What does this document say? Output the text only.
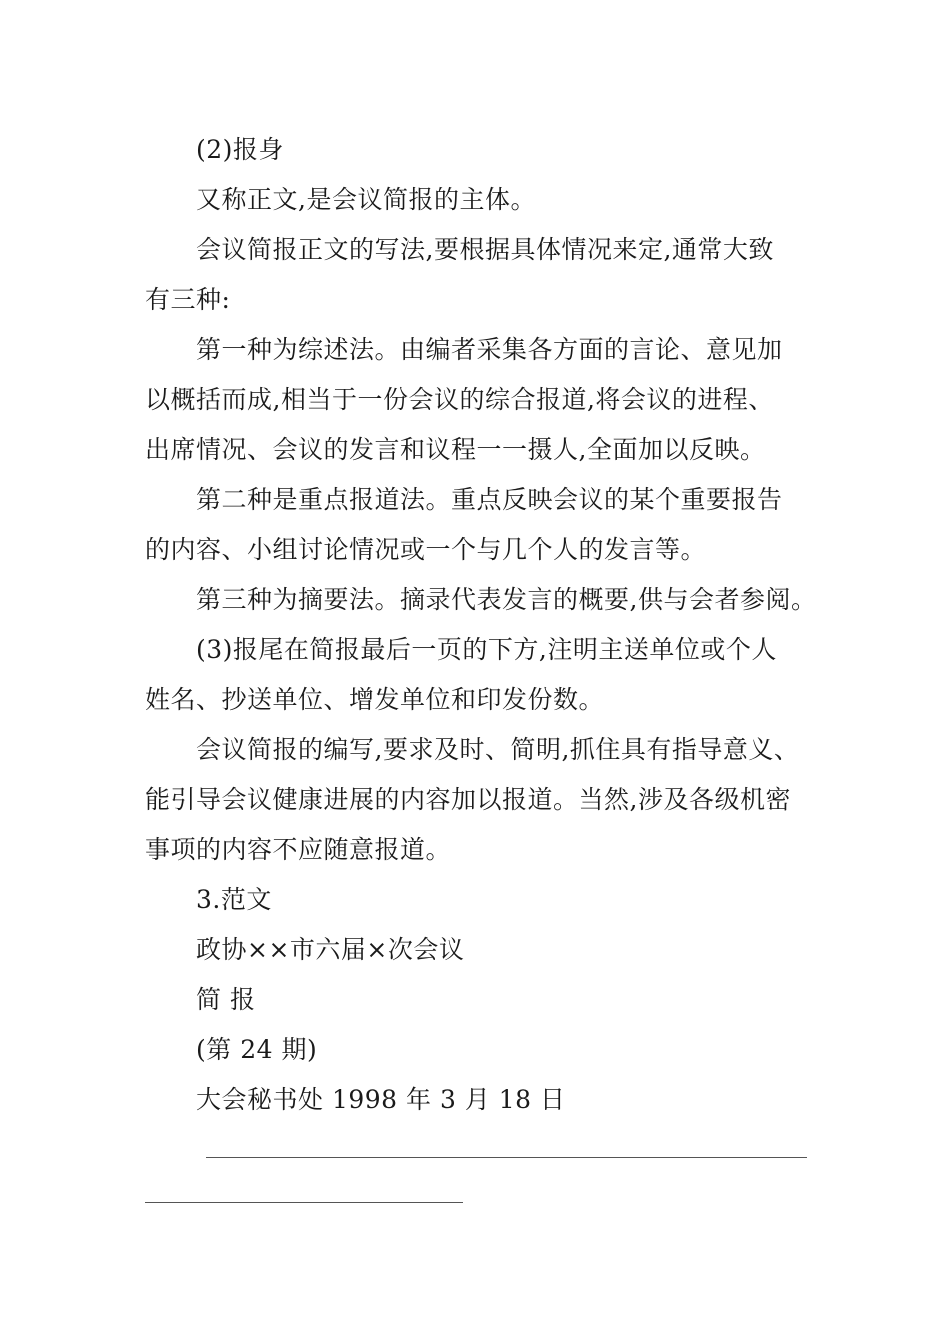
(2)报身
又称正文,是会议简报的主体。
会议简报正文的写法,要根据具体情况来定,通常大致
有三种:
第一种为综述法。由编者采集各方面的言论、意见加
以概括而成,相当于一份会议的综合报道,将会议的进程、
出席情况、会议的发言和议程一一摄人,全面加以反映。
第二种是重点报道法。重点反映会议的某个重要报告
的内容、小组讨论情况或一个与几个人的发言等。
第三种为摘要法。摘录代表发言的概要,供与会者参阅。
(3)报尾在简报最后一页的下方,注明主送单位或个人
姓名、抄送单位、增发单位和印发份数。
会议简报的编写,要求及时、简明,抓住具有指导意义、
能引导会议健康进展的内容加以报道。当然,涉及各级机密
事项的内容不应随意报道。
3.范文
政协××市六届×次会议
简 报
(第 24 期)
大会秘书处 1998 年 3 月 18 日
